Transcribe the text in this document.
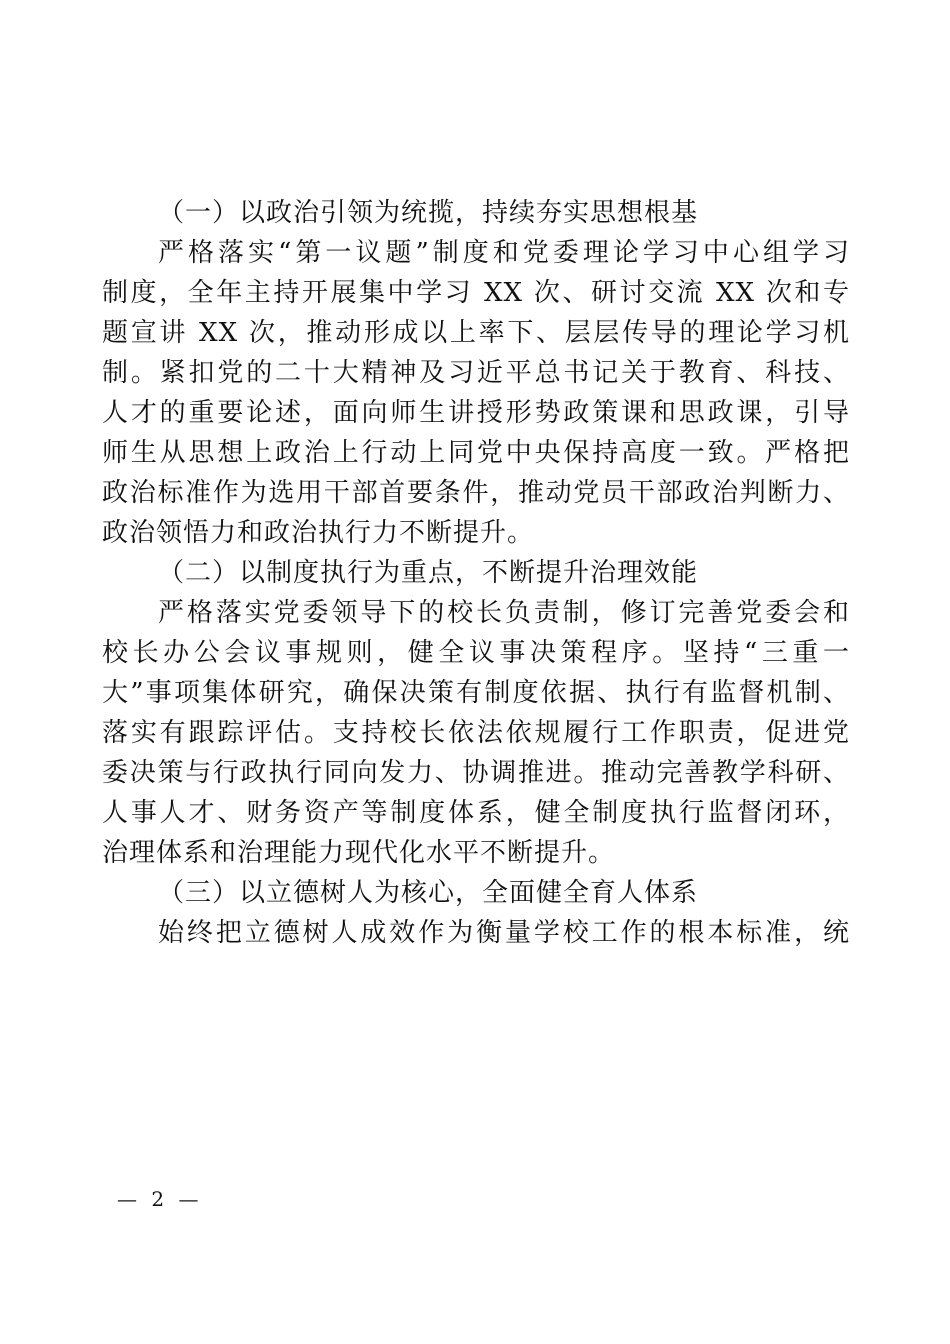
（一）以政治引领为统揽，持续夯实思想根基
严格落实“第一议题”制度和党委理论学习中心组学习
制度，全年主持开展集中学习 XX 次、研讨交流 XX 次和专
题宣讲 XX 次，推动形成以上率下、层层传导的理论学习机
制。紧扣党的二十大精神及习近平总书记关于教育、科技、
人才的重要论述，面向师生讲授形势政策课和思政课，引导
师生从思想上政治上行动上同党中央保持高度一致。严格把
政治标准作为选用干部首要条件，推动党员干部政治判断力、
政治领悟力和政治执行力不断提升。
（二）以制度执行为重点，不断提升治理效能
严格落实党委领导下的校长负责制，修订完善党委会和
校长办公会议事规则，健全议事决策程序。坚持“三重一
大”事项集体研究，确保决策有制度依据、执行有监督机制、
落实有跟踪评估。支持校长依法依规履行工作职责，促进党
委决策与行政执行同向发力、协调推进。推动完善教学科研、
人事人才、财务资产等制度体系，健全制度执行监督闭环，
治理体系和治理能力现代化水平不断提升。
（三）以立德树人为核心，全面健全育人体系
始终把立德树人成效作为衡量学校工作的根本标准，统
— 2 —
